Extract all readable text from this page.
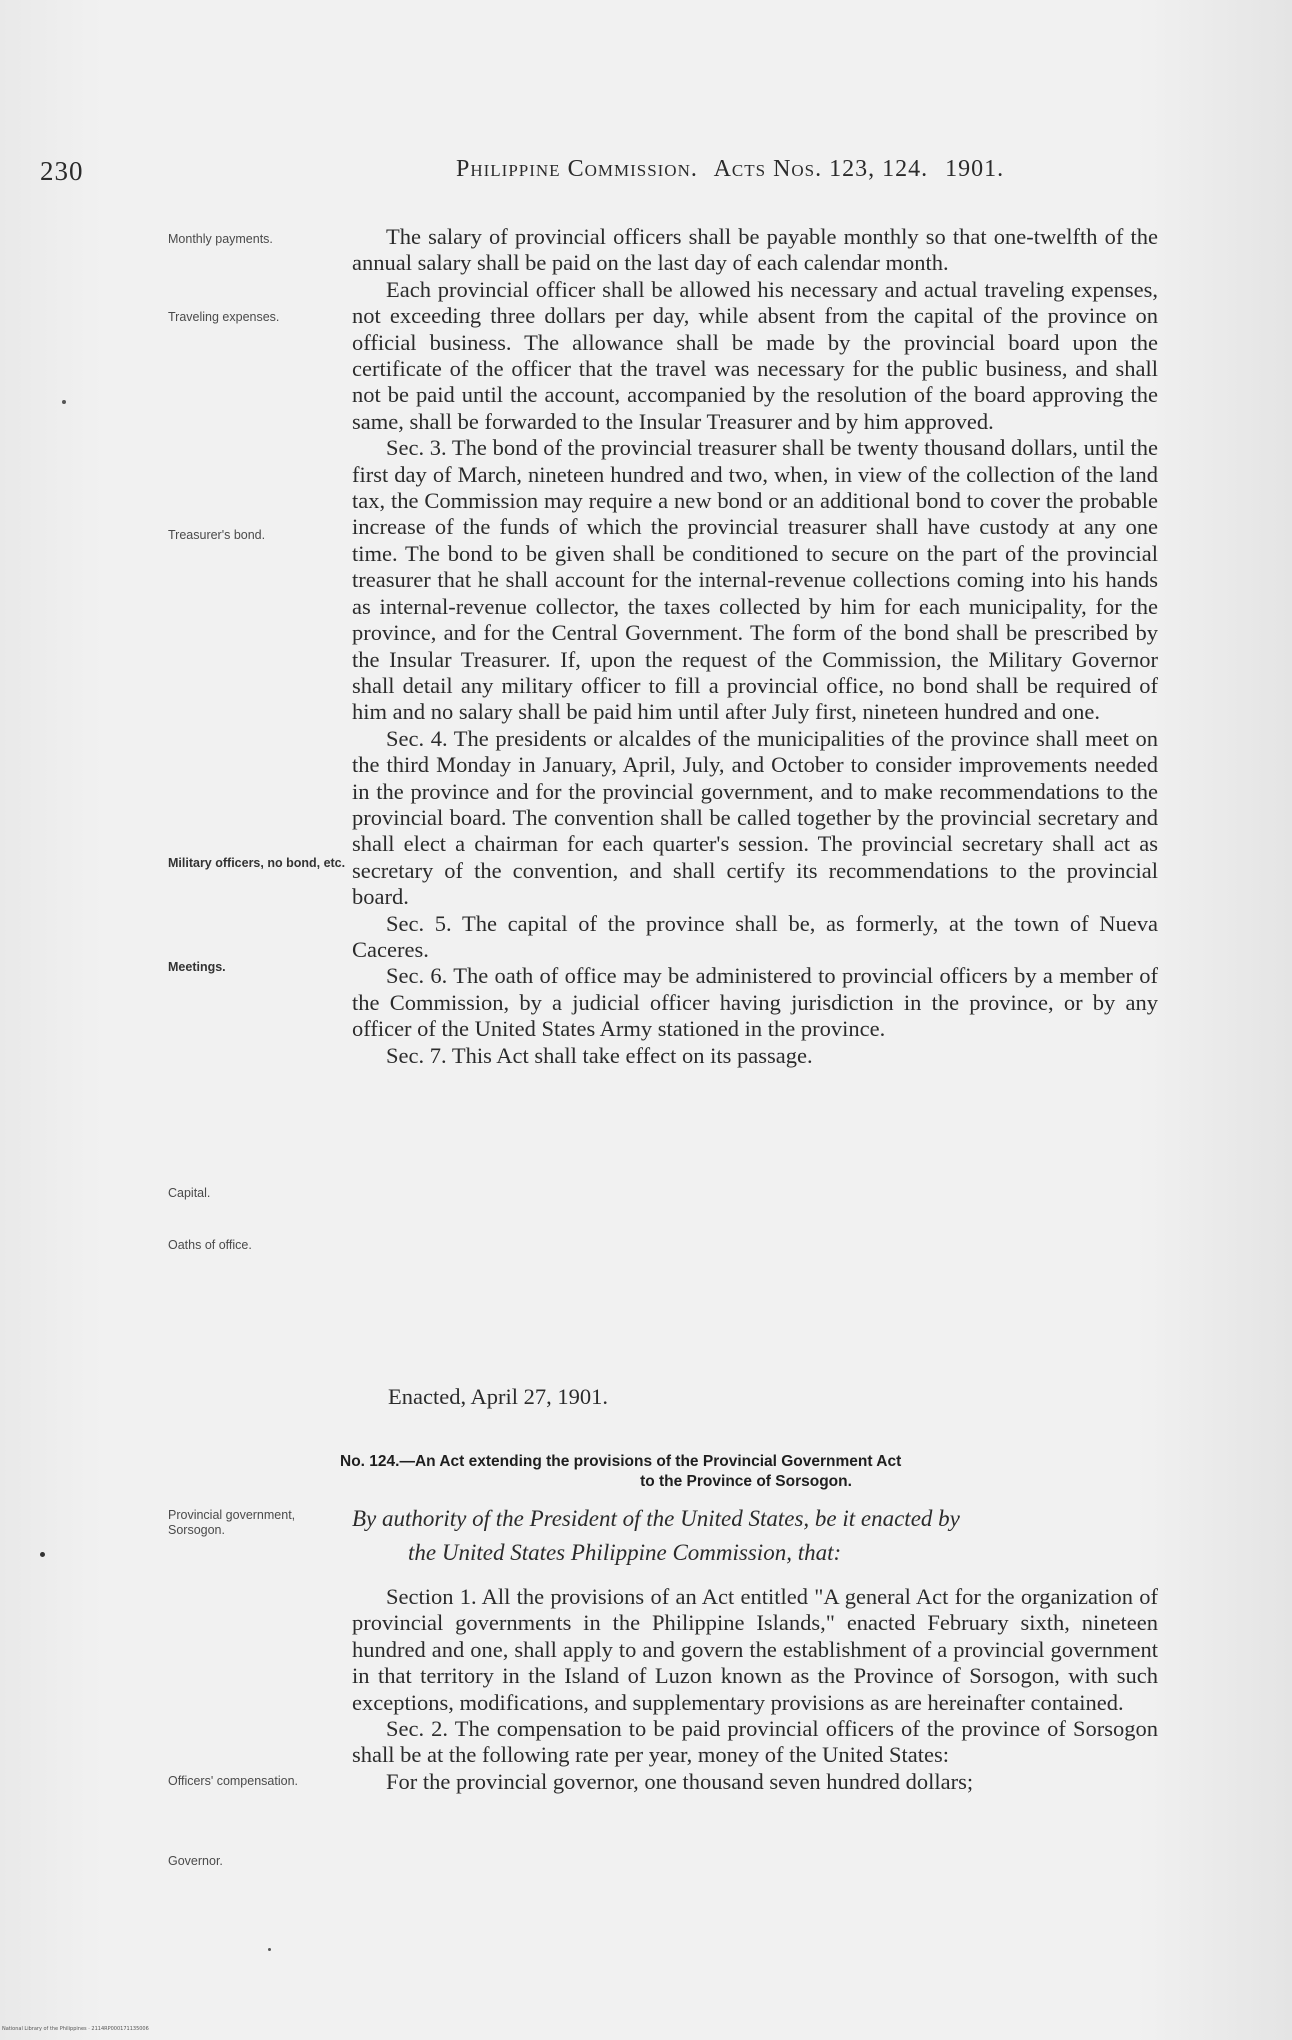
230	Philippine Commission. Acts Nos. 123, 124. 1901.
Monthly payments.
Traveling expenses.
Treasurer's bond.
Military officers, no bond, etc.
Meetings.
Capital.
Oaths of office.
Provincial government, Sorsogon.
Officers' compensation.
Governor.

The salary of provincial officers shall be payable monthly so that one-twelfth of the annual salary shall be paid on the last day of each calendar month.

Each provincial officer shall be allowed his necessary and actual traveling expenses, not exceeding three dollars per day, while absent from the capital of the province on official business. The allowance shall be made by the provincial board upon the certificate of the officer that the travel was necessary for the public business, and shall not be paid until the account, accompanied by the resolution of the board approving the same, shall be forwarded to the Insular Treasurer and by him approved.

Sec. 3. The bond of the provincial treasurer shall be twenty thousand dollars, until the first day of March, nineteen hundred and two, when, in view of the collection of the land tax, the Commission may require a new bond or an additional bond to cover the probable increase of the funds of which the provincial treasurer shall have custody at any one time. The bond to be given shall be conditioned to secure on the part of the provincial treasurer that he shall account for the internal-revenue collections coming into his hands as internal-revenue collector, the taxes collected by him for each municipality, for the province, and for the Central Government. The form of the bond shall be prescribed by the Insular Treasurer. If, upon the request of the Commission, the Military Governor shall detail any military officer to fill a provincial office, no bond shall be required of him and no salary shall be paid him until after July first, nineteen hundred and one.

Sec. 4. The presidents or alcaldes of the municipalities of the province shall meet on the third Monday in January, April, July, and October to consider improvements needed in the province and for the provincial government, and to make recommendations to the provincial board. The convention shall be called together by the provincial secretary and shall elect a chairman for each quarter's session. The provincial secretary shall act as secretary of the convention, and shall certify its recommendations to the provincial board.

Sec. 5. The capital of the province shall be, as formerly, at the town of Nueva Caceres.

Sec. 6. The oath of office may be administered to provincial officers by a member of the Commission, by a judicial officer having jurisdiction in the province, or by any officer of the United States Army stationed in the province.

Sec. 7. This Act shall take effect on its passage.

Enacted, April 27, 1901.
No. 124.—An Act extending the provisions of the Provincial Government Act
to the Province of Sorsogon.
By authority of the President of the United States, be it enacted by
the United States Philippine Commission, that:

Section 1. All the provisions of an Act entitled "A general Act for the organization of provincial governments in the Philippine Islands," enacted February sixth, nineteen hundred and one, shall apply to and govern the establishment of a provincial government in that territory in the Island of Luzon known as the Province of Sorsogon, with such exceptions, modifications, and supplementary provisions as are hereinafter contained.

Sec. 2. The compensation to be paid provincial officers of the province of Sorsogon shall be at the following rate per year, money of the United States:

For the provincial governor, one thousand seven hundred dollars;

National Library of the Philippines · 2114RP000171135006
